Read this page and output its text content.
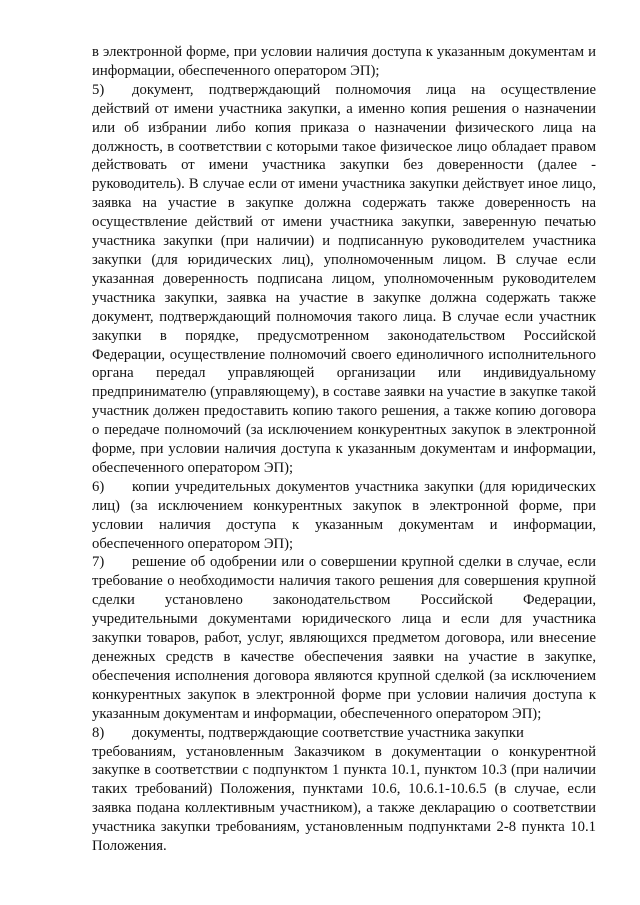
в электронной форме, при условии наличия доступа к указанным документам и информации, обеспеченного оператором ЭП);

5) документ, подтверждающий полномочия лица на осуществление действий от имени участника закупки, а именно копия решения о назначении или об избрании либо копия приказа о назначении физического лица на должность, в соответствии с которыми такое физическое лицо обладает правом действовать от имени участника закупки без доверенности (далее - руководитель). В случае если от имени участника закупки действует иное лицо, заявка на участие в закупке должна содержать также доверенность на осуществление действий от имени участника закупки, заверенную печатью участника закупки (при наличии) и подписанную руководителем участника закупки (для юридических лиц), уполномоченным лицом. В случае если указанная доверенность подписана лицом, уполномоченным руководителем участника закупки, заявка на участие в закупке должна содержать также документ, подтверждающий полномочия такого лица. В случае если участник закупки в порядке, предусмотренном законодательством Российской Федерации, осуществление полномочий своего единоличного исполнительного органа передал управляющей организации или индивидуальному предпринимателю (управляющему), в составе заявки на участие в закупке такой участник должен предоставить копию такого решения, а также копию договора о передаче полномочий (за исключением конкурентных закупок в электронной форме, при условии наличия доступа к указанным документам и информации, обеспеченного оператором ЭП);

6) копии учредительных документов участника закупки (для юридических лиц) (за исключением конкурентных закупок в электронной форме, при условии наличия доступа к указанным документам и информации, обеспеченного оператором ЭП);

7) решение об одобрении или о совершении крупной сделки в случае, если требование о необходимости наличия такого решения для совершения крупной сделки установлено законодательством Российской Федерации, учредительными документами юридического лица и если для участника закупки товаров, работ, услуг, являющихся предметом договора, или внесение денежных средств в качестве обеспечения заявки на участие в закупке, обеспечения исполнения договора являются крупной сделкой (за исключением конкурентных закупок в электронной форме при условии наличия доступа к указанным документам и информации, обеспеченного оператором ЭП);

8) документы, подтверждающие соответствие участника закупки

требованиям, установленным Заказчиком в документации о конкурентной закупке в соответствии с подпунктом 1 пункта 10.1, пунктом 10.3 (при наличии таких требований) Положения, пунктами 10.6, 10.6.1-10.6.5 (в случае, если заявка подана коллективным участником), а также декларацию о соответствии участника закупки требованиям, установленным подпунктами 2-8 пункта 10.1 Положения.
